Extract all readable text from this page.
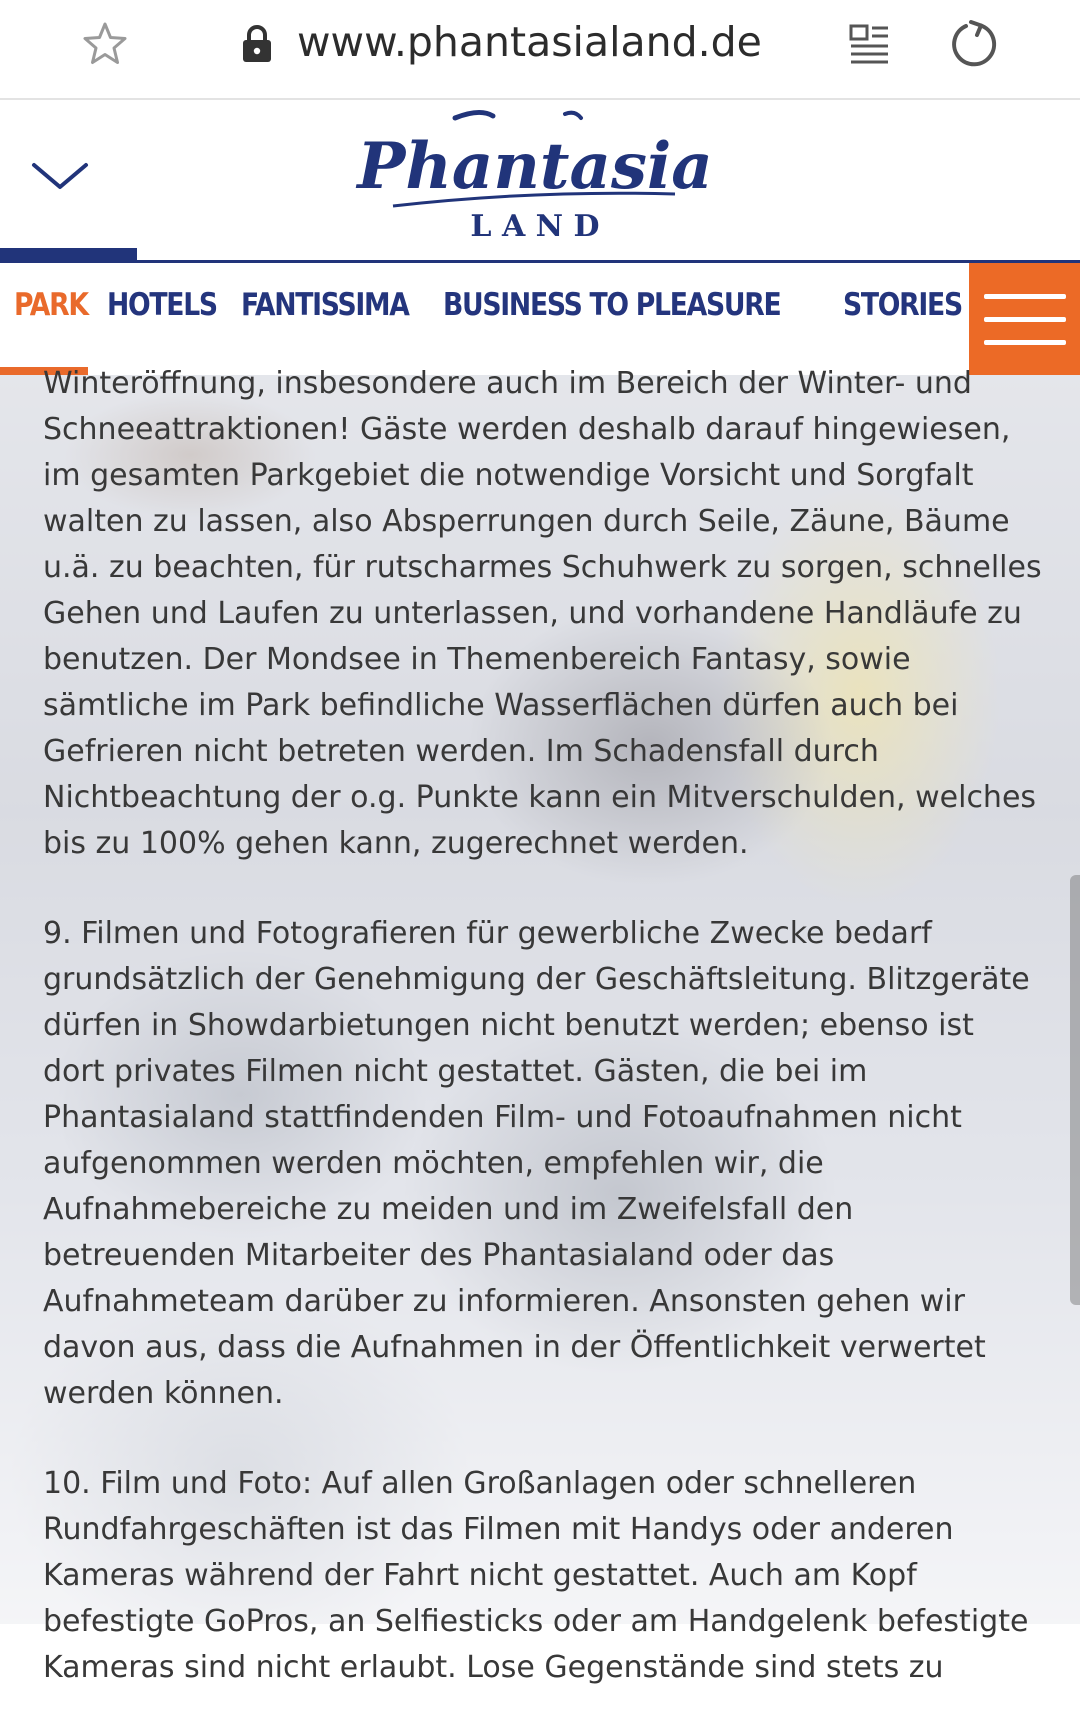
www.phantasialand.de
Phantasia
L A N D
PARK HOTELS FANTISSIMA BUSINESS TO PLEASURE STORIES

Winteröffnung, insbesondere auch im Bereich der Winter- und Schneeattraktionen! Gäste werden deshalb darauf hingewiesen, im gesamten Parkgebiet die notwendige Vorsicht und Sorgfalt walten zu lassen, also Absperrungen durch Seile, Zäune, Bäume u.ä. zu beachten, für rutscharmes Schuhwerk zu sorgen, schnelles Gehen und Laufen zu unterlassen, und vorhandene Handläufe zu benutzen. Der Mondsee in Themenbereich Fantasy, sowie sämtliche im Park befindliche Wasserflächen dürfen auch bei Gefrieren nicht betreten werden. Im Schadensfall durch Nichtbeachtung der o.g. Punkte kann ein Mitverschulden, welches bis zu 100% gehen kann, zugerechnet werden.

9. Filmen und Fotografieren für gewerbliche Zwecke bedarf grundsätzlich der Genehmigung der Geschäftsleitung. Blitzgeräte dürfen in Showdarbietungen nicht benutzt werden; ebenso ist dort privates Filmen nicht gestattet. Gästen, die bei im Phantasialand stattfindenden Film- und Fotoaufnahmen nicht aufgenommen werden möchten, empfehlen wir, die Aufnahmebereiche zu meiden und im Zweifelsfall den betreuenden Mitarbeiter des Phantasialand oder das Aufnahmeteam darüber zu informieren. Ansonsten gehen wir davon aus, dass die Aufnahmen in der Öffentlichkeit verwertet werden können.

10. Film und Foto: Auf allen Großanlagen oder schnelleren Rundfahrgeschäften ist das Filmen mit Handys oder anderen Kameras während der Fahrt nicht gestattet. Auch am Kopf befestigte GoPros, an Selfiesticks oder am Handgelenk befestigte Kameras sind nicht erlaubt. Lose Gegenstände sind stets zu
